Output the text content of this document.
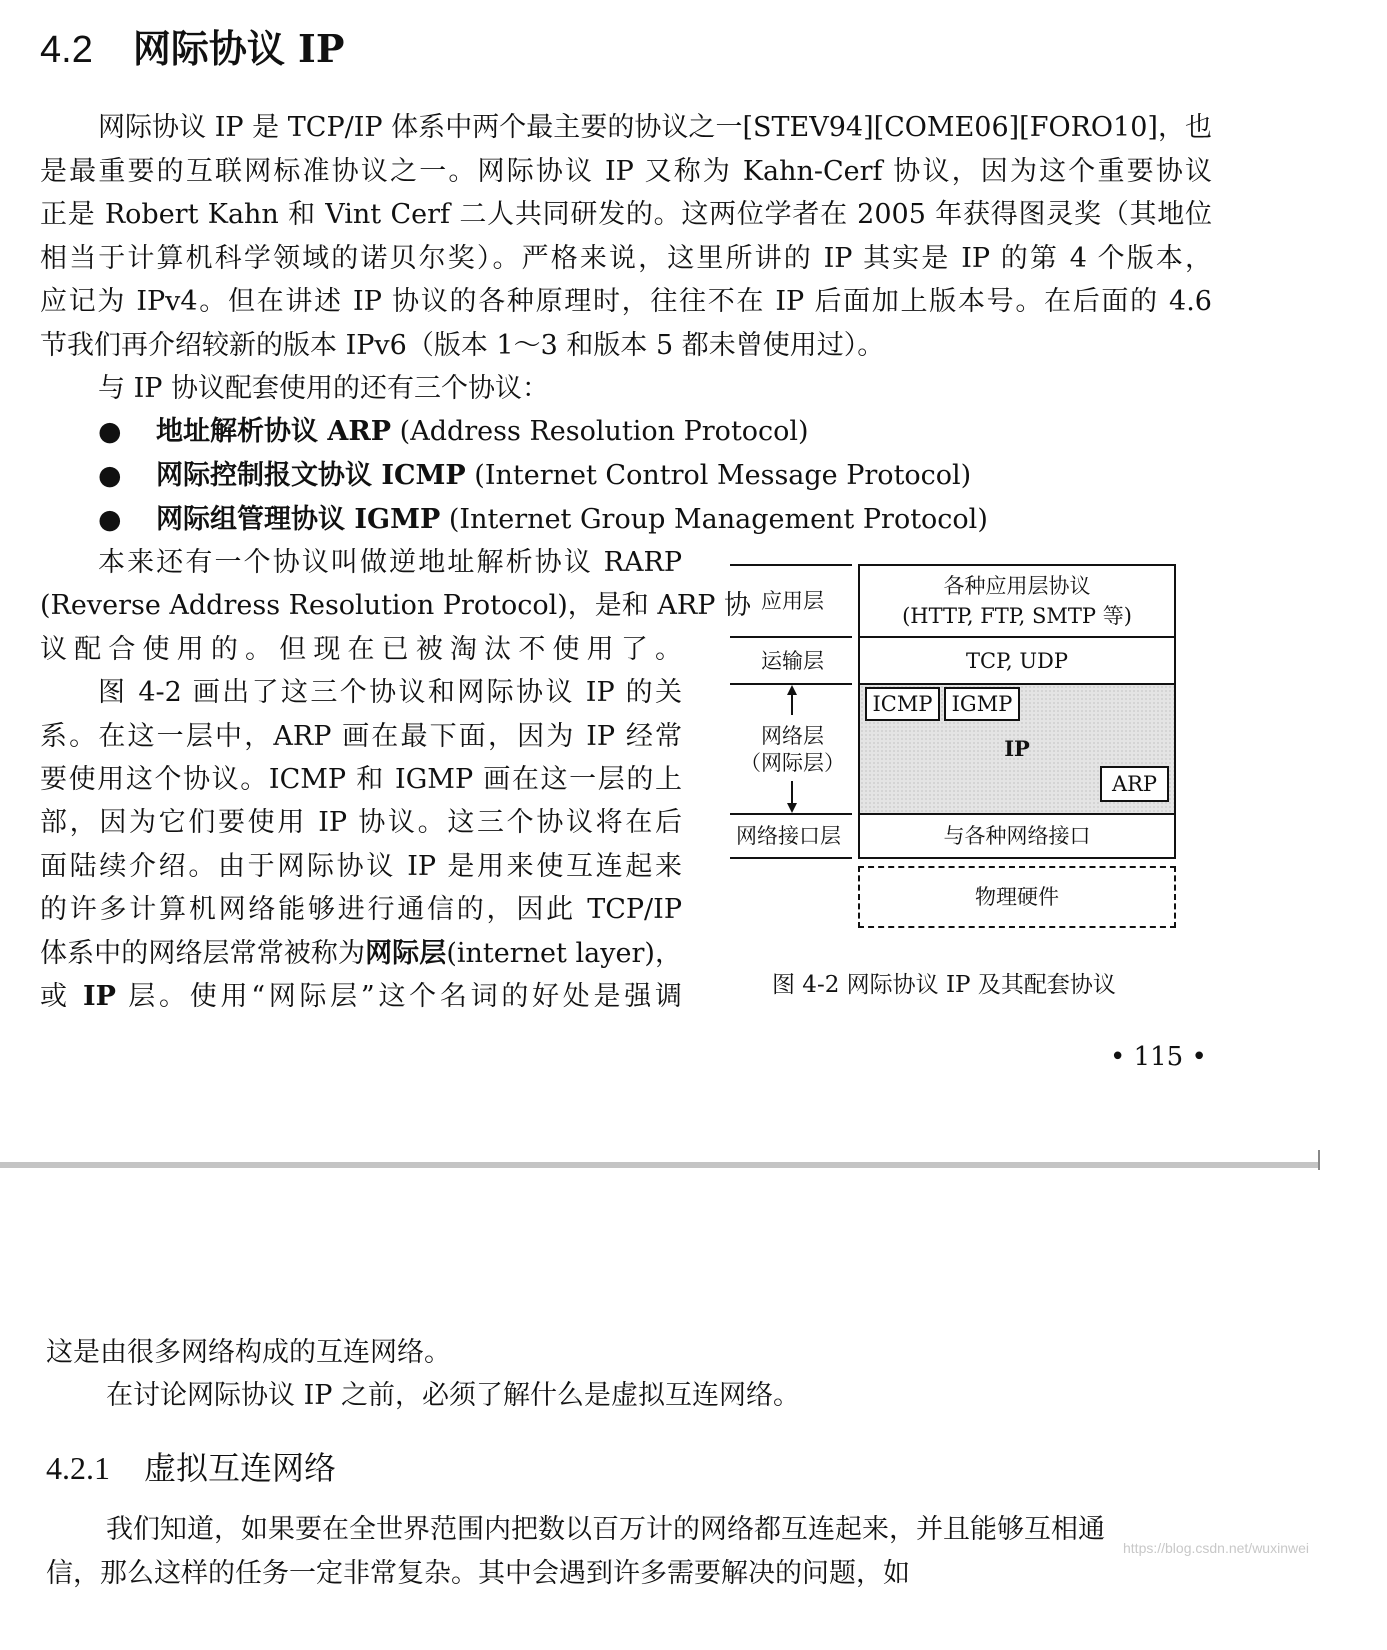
4.2 网际协议 IP
网际协议 IP 是 TCP/IP 体系中两个最主要的协议之一[STEV94][COME06][FORO10]，也
是最重要的互联网标准协议之一。网际协议 IP 又称为 Kahn-Cerf 协议，因为这个重要协议
正是 Robert Kahn 和 Vint Cerf 二人共同研发的。这两位学者在 2005 年获得图灵奖（其地位
相当于计算机科学领域的诺贝尔奖）。严格来说，这里所讲的 IP 其实是 IP 的第 4 个版本，
应记为 IPv4。但在讲述 IP 协议的各种原理时，往往不在 IP 后面加上版本号。在后面的 4.6
节我们再介绍较新的版本 IPv6（版本 1～3 和版本 5 都未曾使用过）。
与 IP 协议配套使用的还有三个协议：
● 地址解析协议 ARP (Address Resolution Protocol)
● 网际控制报文协议 ICMP (Internet Control Message Protocol)
● 网际组管理协议 IGMP (Internet Group Management Protocol)
本来还有一个协议叫做逆地址解析协议 RARP
(Reverse Address Resolution Protocol)，是和 ARP 协
议配合使用的。但现在已被淘汰不使用了。
图 4-2 画出了这三个协议和网际协议 IP 的关
系。在这一层中，ARP 画在最下面，因为 IP 经常
要使用这个协议。ICMP 和 IGMP 画在这一层的上
部，因为它们要使用 IP 协议。这三个协议将在后
面陆续介绍。由于网际协议 IP 是用来使互连起来
的许多计算机网络能够进行通信的，因此 TCP/IP
体系中的网络层常常被称为网际层(internet layer)，
或 IP 层。使用“网际层”这个名词的好处是强调
应用层
运输层
网络层
（网际层）
网络接口层
各种应用层协议
(HTTP, FTP, SMTP 等)
TCP, UDP
IP
ICMP IGMP
ARP
与各种网络接口
物理硬件
图 4-2 网际协议 IP 及其配套协议
• 115 •
这是由很多网络构成的互连网络。
在讨论网际协议 IP 之前，必须了解什么是虚拟互连网络。
4.2.1 虚拟互连网络
我们知道，如果要在全世界范围内把数以百万计的网络都互连起来，并且能够互相通
信，那么这样的任务一定非常复杂。其中会遇到许多需要解决的问题，如
https://blog.csdn.net/wuxinwei
